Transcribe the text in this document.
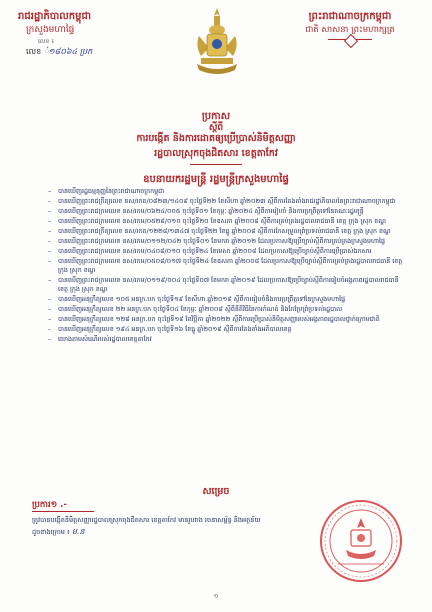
រាជរដ្ឋាភិបាលកម្ពុជា
ក្រសួងមហាផ្ទៃ
លេខ ៖
លេខ ៎១៨០៦៤ ប្រក
ព្រះរាជាណាចក្រកម្ពុជា
ជាតិ សាសនា ព្រះមហាក្សត្រ
ប្រកាស
ស្ដីពី
ការបង្កើត និងការដោតឲ្យប្រើប្រាស់និមិត្តសញ្ញា
រដ្ឋបាលស្រុកចុងជិតសារ ខេត្តតាកែវ
ឧបនាយករដ្ឋមន្ត្រី រដ្ឋមន្ត្រីក្រសួងមហាផ្ទៃ
– បានឃើញរដ្ឋធម្មនុញ្ញនៃព្រះរាជាណាចក្រកម្ពុជា
– បានឃើញព្រះរាជក្រឹត្យលេខ នស/រកត/០៨២៣/១៤០៩ ចុះថ្ងៃទី២២ ខែសីហា ឆ្នាំ២០២៣ ស្តីពីការតែងតាំងរាជរដ្ឋាភិបាលនៃព្រះរាជាណាចក្រកម្ពុជា
– បានឃើញព្រះរាជក្រមលេខ នស/រកម/០៦២៤/០០៥ ចុះថ្ងៃទី០១ ខែកុម្ភៈ ឆ្នាំ២០២៤ ស្តីពីការរៀបចំ និងការប្រព្រឹត្តទៅនៃគណៈរដ្ឋមន្ត្រី
– បានឃើញព្រះរាជក្រមលេខ នស/រកម/០៥២៨/០១០ ចុះថ្ងៃទី២០ ខែឧសភា ឆ្នាំ២០០៨ ស្តីពីការគ្រប់គ្រងរដ្ឋបាលរាជធានី ខេត្ត ក្រុង ស្រុក ខណ្ឌ
– បានឃើញព្រះរាជក្រឹត្យលេខ នស/រកត/១២២៨/១៣៤៧ ចុះថ្ងៃទី២២ ខែធ្នូ ឆ្នាំ២០០៨ ស្តីពីការកែសម្រួលព្រំប្រទល់រាជធានី ខេត្ត ក្រុង ស្រុក ខណ្ឌ
– បានឃើញព្រះរាជក្រមលេខ នស/រកម/០១១២/០៤២ ចុះថ្ងៃទី០១ ខែមករា ឆ្នាំ២០១២ ដែលប្រកាសឱ្យប្រើច្បាប់ស្តីពីការគ្រប់គ្រងក្រសួងមហាផ្ទៃ
– បានឃើញព្រះរាជក្រមលេខ នស/រកម/០៤០៨/០១០ ចុះថ្ងៃទី២៤ ខែមេសា ឆ្នាំ២០០៨ ដែលប្រកាសឱ្យប្រើច្បាប់ស្តីពីការប្រើប្រាស់ឯកសារ
– បានឃើញព្រះរាជក្រមលេខ នស/រកម/០៥០៨/០១៧ ចុះថ្ងៃទី២៤ ខែឧសភា ឆ្នាំ២០០៨ ដែលប្រកាសឱ្យប្រើច្បាប់ស្តីពីការគ្រប់គ្រងរដ្ឋបាលរាជធានី ខេត្ត ក្រុង ស្រុក ខណ្ឌ
– បានឃើញព្រះរាជក្រមលេខ នស/រកម/០១១៩/០០៤ ចុះថ្ងៃទី០៧ ខែមករា ឆ្នាំ២០១៩ ដែលប្រកាសឱ្យប្រើច្បាប់ស្តីពីការរៀបចំអង្គភាពរដ្ឋបាលរាជធានី ខេត្ត ក្រុង ស្រុក ខណ្ឌ
– បានឃើញអនុក្រឹត្យលេខ ១០៥ អនក្រ.បក ចុះថ្ងៃទី១៩ ខែសីហា ឆ្នាំ២០១៩ ស្តីពីការរៀបចំនិងការប្រព្រឹត្តទៅនៃក្រសួងមហាផ្ទៃ
– បានឃើញអនុក្រឹត្យលេខ ២២ អនក្រ.បក ចុះថ្ងៃទី០៤ ខែកុម្ភៈ ឆ្នាំ២០០៨ ស្តីពីនីតិវិធីនៃការកំណត់ និងកែប្រែព្រំប្រទល់រដ្ឋបាល
– បានឃើញអនុក្រឹត្យលេខ ១២៨ អនក្រ.បក ចុះថ្ងៃទី១៩ ខែវិច្ឆិកា ឆ្នាំ២០២២ ស្តីពីការប្រើប្រាស់និមិត្តសញ្ញារបស់អង្គភាពរដ្ឋបាលថ្នាក់ក្រោមជាតិ
– បានឃើញអនុក្រឹត្យលេខ ១៩៤ អនក្រ.បក ចុះថ្ងៃទី១៦ ខែធ្នូ ឆ្នាំ២០១៩ ស្តីពីការតែងតាំងអភិបាលខេត្ត
– យោងតាមសំណើរបស់រដ្ឋបាលខេត្តតាកែវ
សម្រេច
ប្រការ១ .-
ត្រូវបានបង្កើតនិមិត្តសញ្ញារដ្ឋបាលស្រុកចុងជិតសារ ខេត្តតាកែវ មានរូបរាង រចនាសម្ព័ន្ធ និងអត្ថន័យ
ដូចខាងក្រោម ៖ ម.ន
១
